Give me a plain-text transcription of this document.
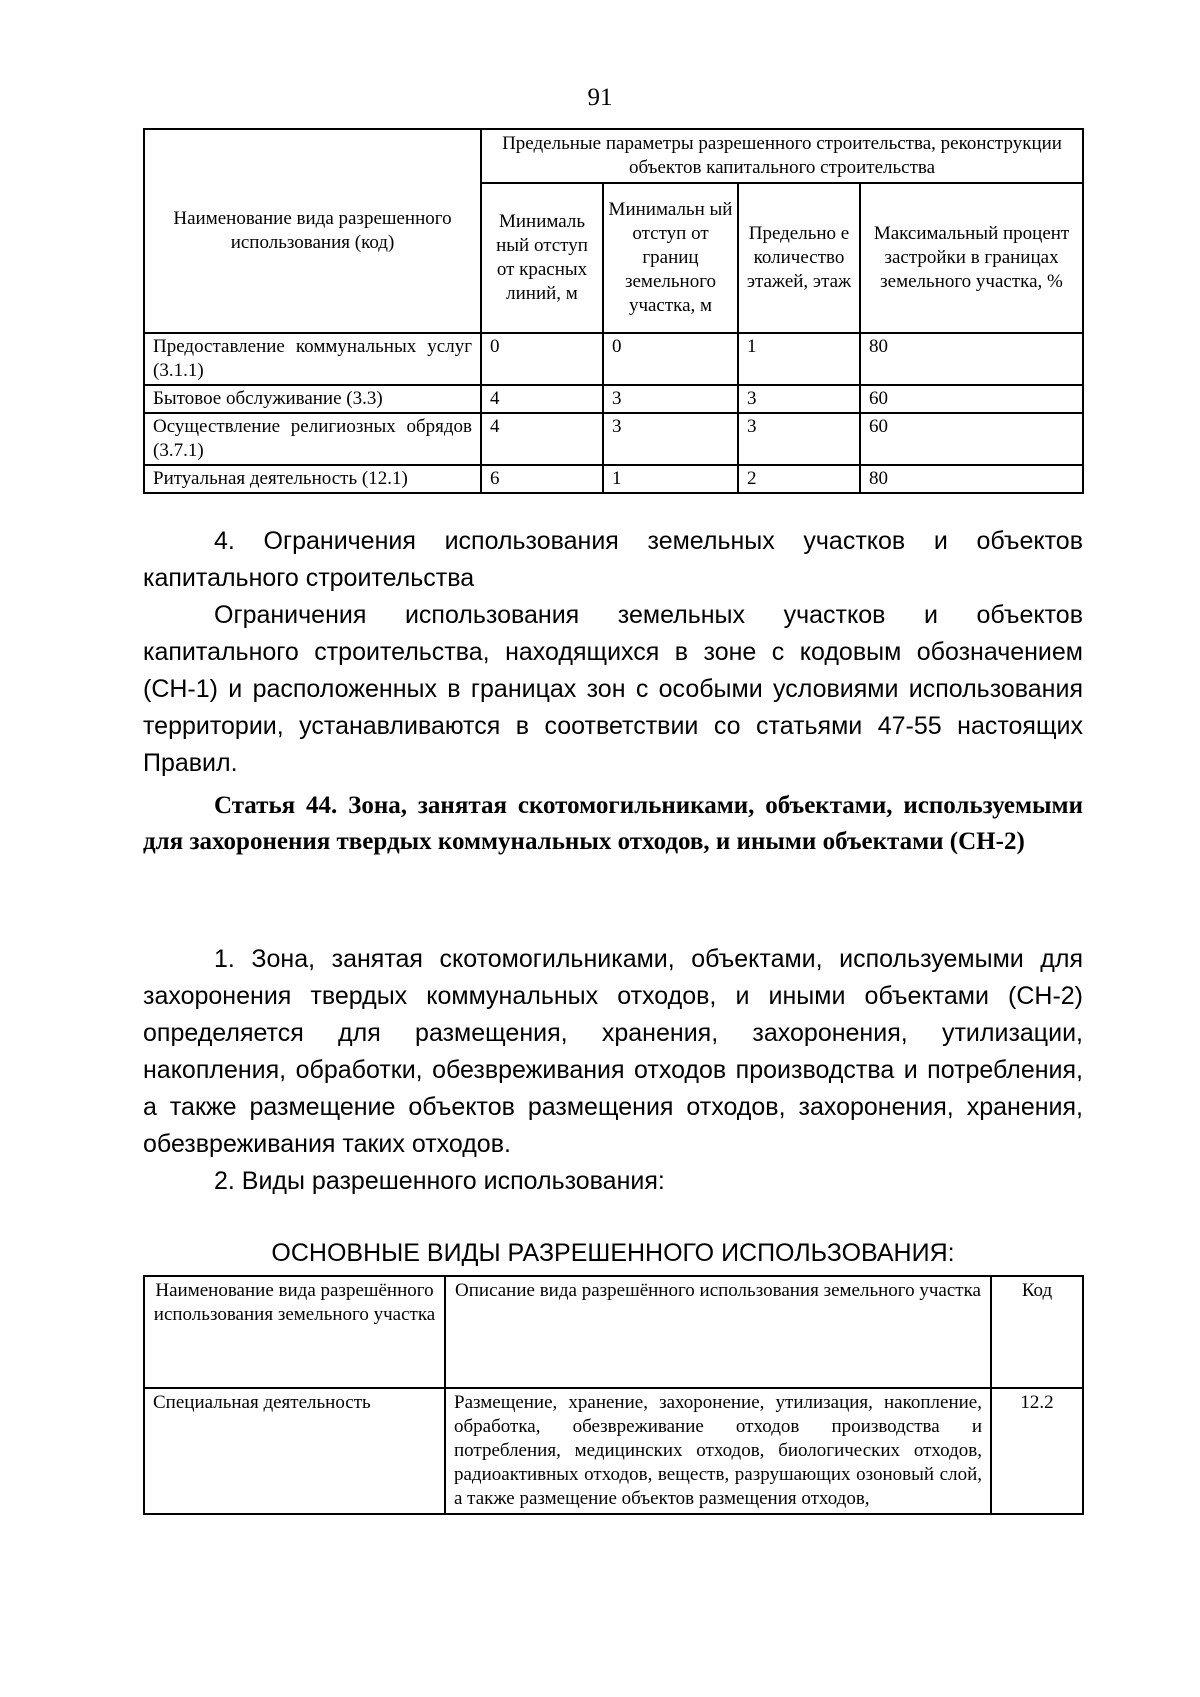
91
Наименование вида разрешенного использования (код)	Предельные параметры разрешенного строительства, реконструкции объектов капитального строительства			
	Минималь ный отступ от красных линий, м	Минимальн ый отступ от границ земельного участка, м	Предельно е количество этажей, этаж	Максимальный процент застройки в границах земельного участка, %
Предоставление коммунальных услуг (3.1.1)	0	0	1	80
Бытовое обслуживание (3.3)	4	3	3	60
Осуществление религиозных обрядов (3.7.1)	4	3	3	60
Ритуальная деятельность (12.1)	6	1	2	80

4. Ограничения использования земельных участков и объектов капитального строительства

Ограничения использования земельных участков и объектов капитального строительства, находящихся в зоне с кодовым обозначением (СН-1) и расположенных в границах зон с особыми условиями использования территории, устанавливаются в соответствии со статьями 47-55 настоящих Правил.

Статья 44. Зона, занятая скотомогильниками, объектами, используемыми для захоронения твердых коммунальных отходов, и иными объектами (СН-2)

1. Зона, занятая скотомогильниками, объектами, используемыми для захоронения твердых коммунальных отходов, и иными объектами (СН-2) определяется для размещения, хранения, захоронения, утилизации, накопления, обработки, обезвреживания отходов производства и потребления, а также размещение объектов размещения отходов, захоронения, хранения, обезвреживания таких отходов.

2. Виды разрешенного использования:

ОСНОВНЫЕ ВИДЫ РАЗРЕШЕННОГО ИСПОЛЬЗОВАНИЯ:
Наименование вида разрешённого использования земельного участка	Описание вида разрешённого использования земельного участка	Код
Специальная деятельность	Размещение, хранение, захоронение, утилизация, накопление, обработка, обезвреживание отходов производства и потребления, медицинских отходов, биологических отходов, радиоактивных отходов, веществ, разрушающих озоновый слой, а также размещение объектов размещения отходов,	12.2
